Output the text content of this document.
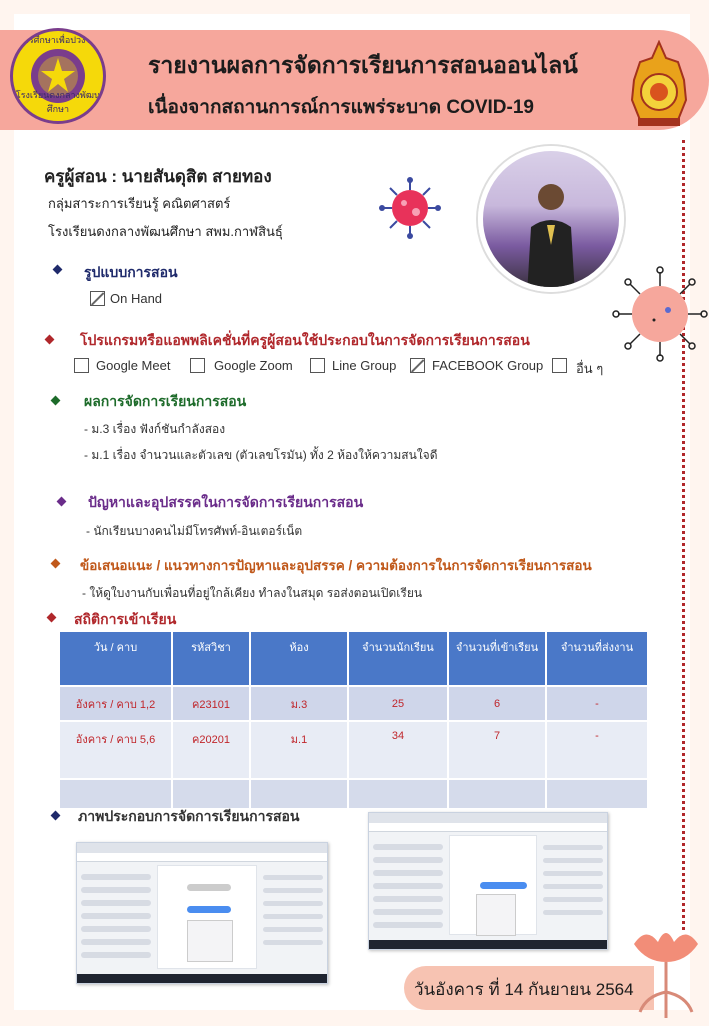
การศึกษาเพื่อปวงชน
โรงเรียนดงกลางพัฒนศึกษา
รายงานผลการจัดการเรียนการสอนออนไลน์
เนื่องจากสถานการณ์การแพร่ระบาด COVID-19
ครูผู้สอน : นายสันดุสิต สายทอง
กลุ่มสาระการเรียนรู้ คณิตศาสตร์
โรงเรียนดงกลางพัฒนศึกษา สพม.กาฬสินธุ์
รูปแบบการสอน
On Hand
โปรแกรมหรือแอพพลิเคชั่นที่ครูผู้สอนใช้ประกอบในการจัดการเรียนการสอน
Google Meet	Google Zoom	Line Group	FACEBOOK Group	อื่น ๆ
ผลการจัดการเรียนการสอน
- ม.3 เรื่อง ฟังก์ชันกำลังสอง
- ม.1 เรื่อง จำนวนและตัวเลข (ตัวเลขโรมัน) ทั้ง 2 ห้องให้ความสนใจดี
ปัญหาและอุปสรรคในการจัดการเรียนการสอน
- นักเรียนบางคนไม่มีโทรศัพท์-อินเตอร์เน็ต
ข้อเสนอแนะ / แนวทางการปัญหาและอุปสรรค / ความต้องการในการจัดการเรียนการสอน
- ให้ดูใบงานกับเพื่อนที่อยู่ใกล้เคียง ทำลงในสมุด รอส่งตอนเปิดเรียน
สถิติการเข้าเรียน
วัน / คาบ	รหัสวิชา	ห้อง	จำนวนนักเรียน	จำนวนที่เข้าเรียน	จำนวนที่ส่งงาน
อังคาร / คาบ 1,2	ค23101	ม.3	25	6	-
อังคาร / คาบ 5,6	ค20201	ม.1	34	7	-

ภาพประกอบการจัดการเรียนการสอน
วันอังคาร ที่ 14 กันยายน 2564
